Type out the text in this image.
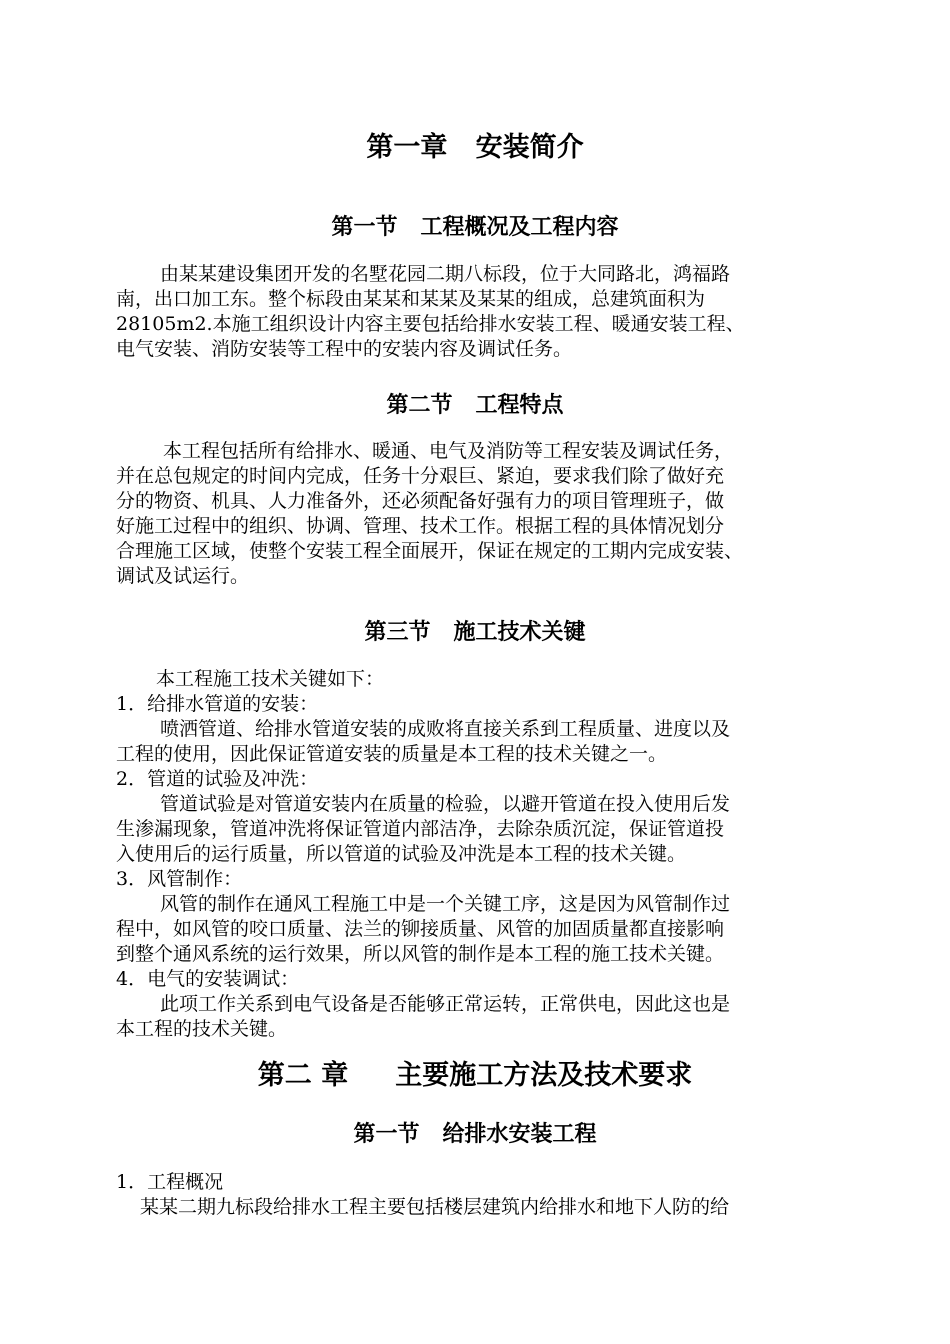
第一章   安装简介
第一节   工程概况及工程内容
由某某建设集团开发的名墅花园二期八标段，位于大同路北，鸿福路
南，出口加工东。整个标段由某某和某某及某某的组成，总建筑面积为
28105m2.本施工组织设计内容主要包括给排水安装工程、暖通安装工程、
电气安装、消防安装等工程中的安装内容及调试任务。
第二节   工程特点
本工程包括所有给排水、暖通、电气及消防等工程安装及调试任务，
并在总包规定的时间内完成，任务十分艰巨、紧迫，要求我们除了做好充
分的物资、机具、人力准备外，还必须配备好强有力的项目管理班子，做
好施工过程中的组织、协调、管理、技术工作。根据工程的具体情况划分
合理施工区域，使整个安装工程全面展开，保证在规定的工期内完成安装、
调试及试运行。
第三节   施工技术关键
本工程施工技术关键如下：
1．给排水管道的安装：
喷洒管道、给排水管道安装的成败将直接关系到工程质量、进度以及
工程的使用，因此保证管道安装的质量是本工程的技术关键之一。
2．管道的试验及冲洗：
管道试验是对管道安装内在质量的检验，以避开管道在投入使用后发
生渗漏现象，管道冲洗将保证管道内部洁净，去除杂质沉淀，保证管道投
入使用后的运行质量，所以管道的试验及冲洗是本工程的技术关键。
3．风管制作：
风管的制作在通风工程施工中是一个关键工序，这是因为风管制作过
程中，如风管的咬口质量、法兰的铆接质量、风管的加固质量都直接影响
到整个通风系统的运行效果，所以风管的制作是本工程的施工技术关键。
4．电气的安装调试：
此项工作关系到电气设备是否能够正常运转，正常供电，因此这也是
本工程的技术关键。
第二 章     主要施工方法及技术要求
第一节   给排水安装工程
1．工程概况
某某二期九标段给排水工程主要包括楼层建筑内给排水和地下人防的给
